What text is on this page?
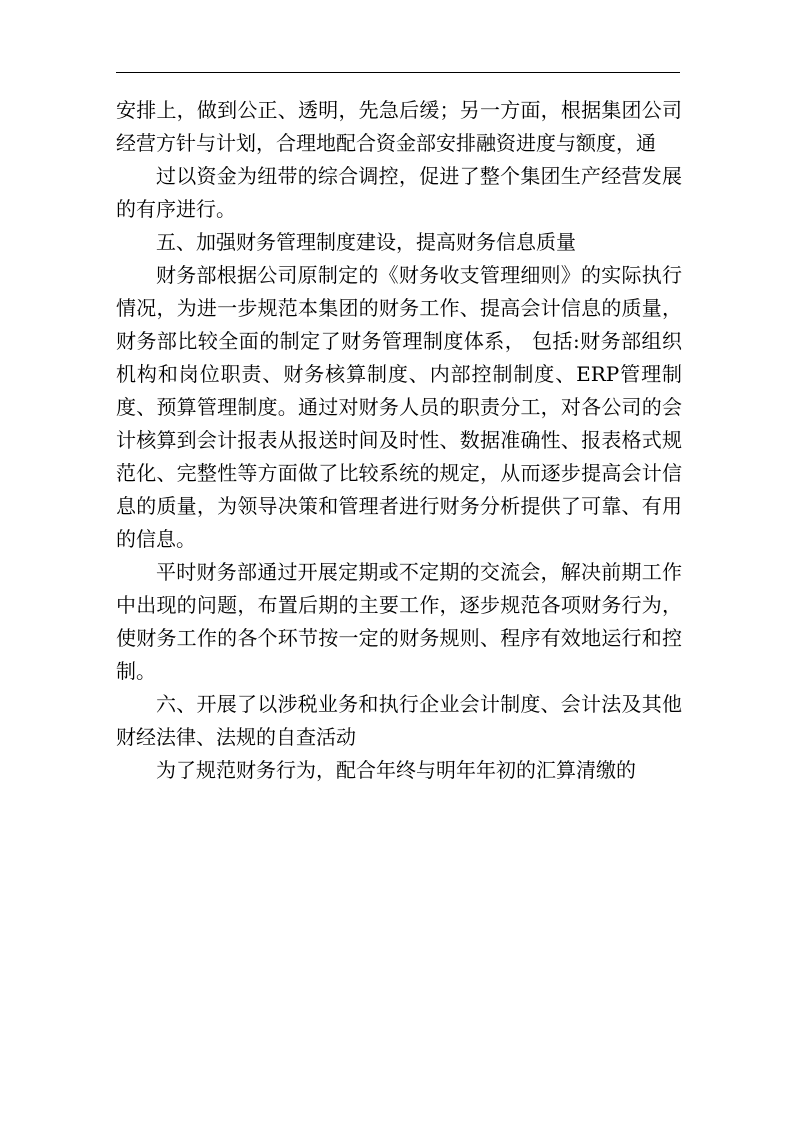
安排上，做到公正、透明，先急后缓；另一方面，根据集团公司经营方针与计划，合理地配合资金部安排融资进度与额度，通

过以资金为纽带的综合调控，促进了整个集团生产经营发展的有序进行。

五、加强财务管理制度建设，提高财务信息质量

财务部根据公司原制定的《财务收支管理细则》的实际执行情况，为进一步规范本集团的财务工作、提高会计信息的质量，财务部比较全面的制定了财务管理制度体系， 包括:财务部组织机构和岗位职责、财务核算制度、内部控制制度、ERP管理制度、预算管理制度。通过对财务人员的职责分工，对各公司的会计核算到会计报表从报送时间及时性、数据准确性、报表格式规范化、完整性等方面做了比较系统的规定，从而逐步提高会计信息的质量，为领导决策和管理者进行财务分析提供了可靠、有用的信息。

平时财务部通过开展定期或不定期的交流会，解决前期工作中出现的问题，布置后期的主要工作，逐步规范各项财务行为，使财务工作的各个环节按一定的财务规则、程序有效地运行和控制。

六、开展了以涉税业务和执行企业会计制度、会计法及其他财经法律、法规的自查活动

为了规范财务行为，配合年终与明年年初的汇算清缴的
